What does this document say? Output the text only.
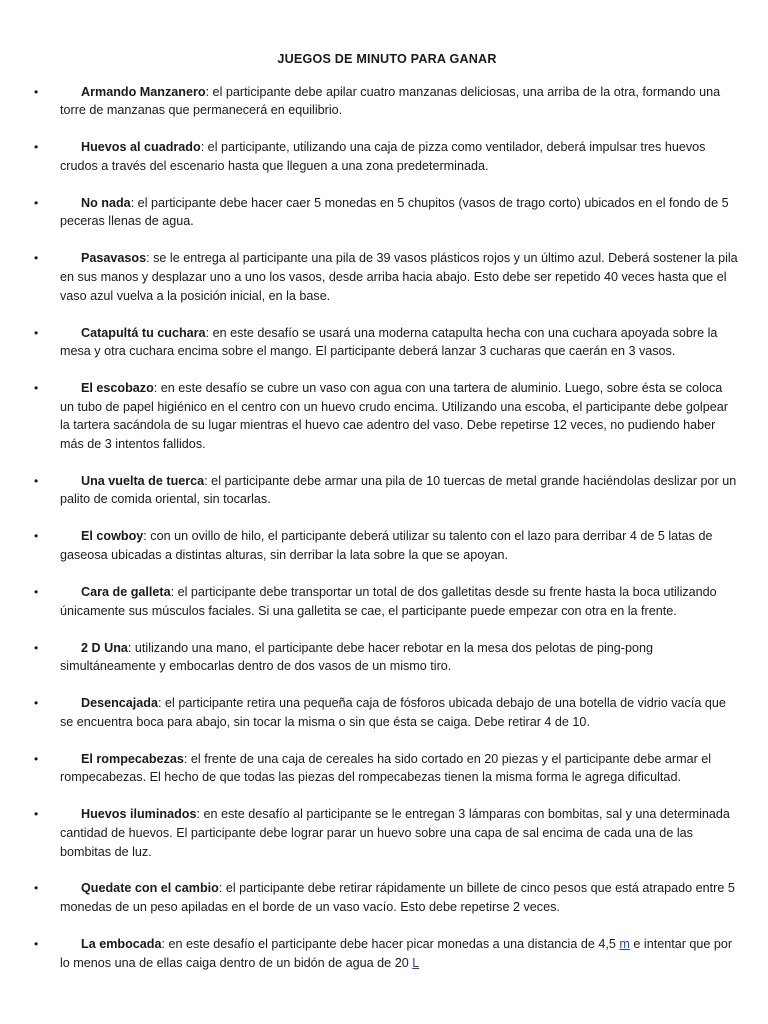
JUEGOS DE MINUTO PARA GANAR
•	Armando Manzanero: el participante debe apilar cuatro manzanas deliciosas, una arriba de la otra, formando una torre de manzanas que permanecerá en equilibrio.
•	Huevos al cuadrado: el participante, utilizando una caja de pizza como ventilador, deberá impulsar tres huevos crudos a través del escenario hasta que lleguen a una zona predeterminada.
•	No nada: el participante debe hacer caer 5 monedas en 5 chupitos (vasos de trago corto) ubicados en el fondo de 5 peceras llenas de agua.
•	Pasavasos: se le entrega al participante una pila de 39 vasos plásticos rojos y un último azul. Deberá sostener la pila en sus manos y desplazar uno a uno los vasos, desde arriba hacia abajo. Esto debe ser repetido 40 veces hasta que el vaso azul vuelva a la posición inicial, en la base.
•	Catapultá tu cuchara: en este desafío se usará una moderna catapulta hecha con una cuchara apoyada sobre la mesa y otra cuchara encima sobre el mango. El participante deberá lanzar 3 cucharas que caerán en 3 vasos.
•	El escobazo: en este desafío se cubre un vaso con agua con una tartera de aluminio. Luego, sobre ésta se coloca un tubo de papel higiénico en el centro con un huevo crudo encima. Utilizando una escoba, el participante debe golpear la tartera sacándola de su lugar mientras el huevo cae adentro del vaso. Debe repetirse 12 veces, no pudiendo haber más de 3 intentos fallidos.
•	Una vuelta de tuerca: el participante debe armar una pila de 10 tuercas de metal grande haciéndolas deslizar por un palito de comida oriental, sin tocarlas.
•	El cowboy: con un ovillo de hilo, el participante deberá utilizar su talento con el lazo para derribar 4 de 5 latas de gaseosa ubicadas a distintas alturas, sin derribar la lata sobre la que se apoyan.
•	Cara de galleta: el participante debe transportar un total de dos galletitas desde su frente hasta la boca utilizando únicamente sus músculos faciales. Si una galletita se cae, el participante puede empezar con otra en la frente.
•	2 D Una: utilizando una mano, el participante debe hacer rebotar en la mesa dos pelotas de ping-pong simultáneamente y embocarlas dentro de dos vasos de un mismo tiro.
•	Desencajada: el participante retira una pequeña caja de fósforos ubicada debajo de una botella de vidrio vacía que se encuentra boca para abajo, sin tocar la misma o sin que ésta se caiga. Debe retirar 4 de 10.
•	El rompecabezas: el frente de una caja de cereales ha sido cortado en 20 piezas y el participante debe armar el rompecabezas. El hecho de que todas las piezas del rompecabezas tienen la misma forma le agrega dificultad.
•	Huevos iluminados: en este desafío al participante se le entregan 3 lámparas con bombitas, sal y una determinada cantidad de huevos. El participante debe lograr parar un huevo sobre una capa de sal encima de cada una de las bombitas de luz.
•	Quedate con el cambio: el participante debe retirar rápidamente un billete de cinco pesos que está atrapado entre 5 monedas de un peso apiladas en el borde de un vaso vacío. Esto debe repetirse 2 veces.
•	La embocada: en este desafío el participante debe hacer picar monedas a una distancia de 4,5 m e intentar que por lo menos una de ellas caiga dentro de un bidón de agua de 20 L
